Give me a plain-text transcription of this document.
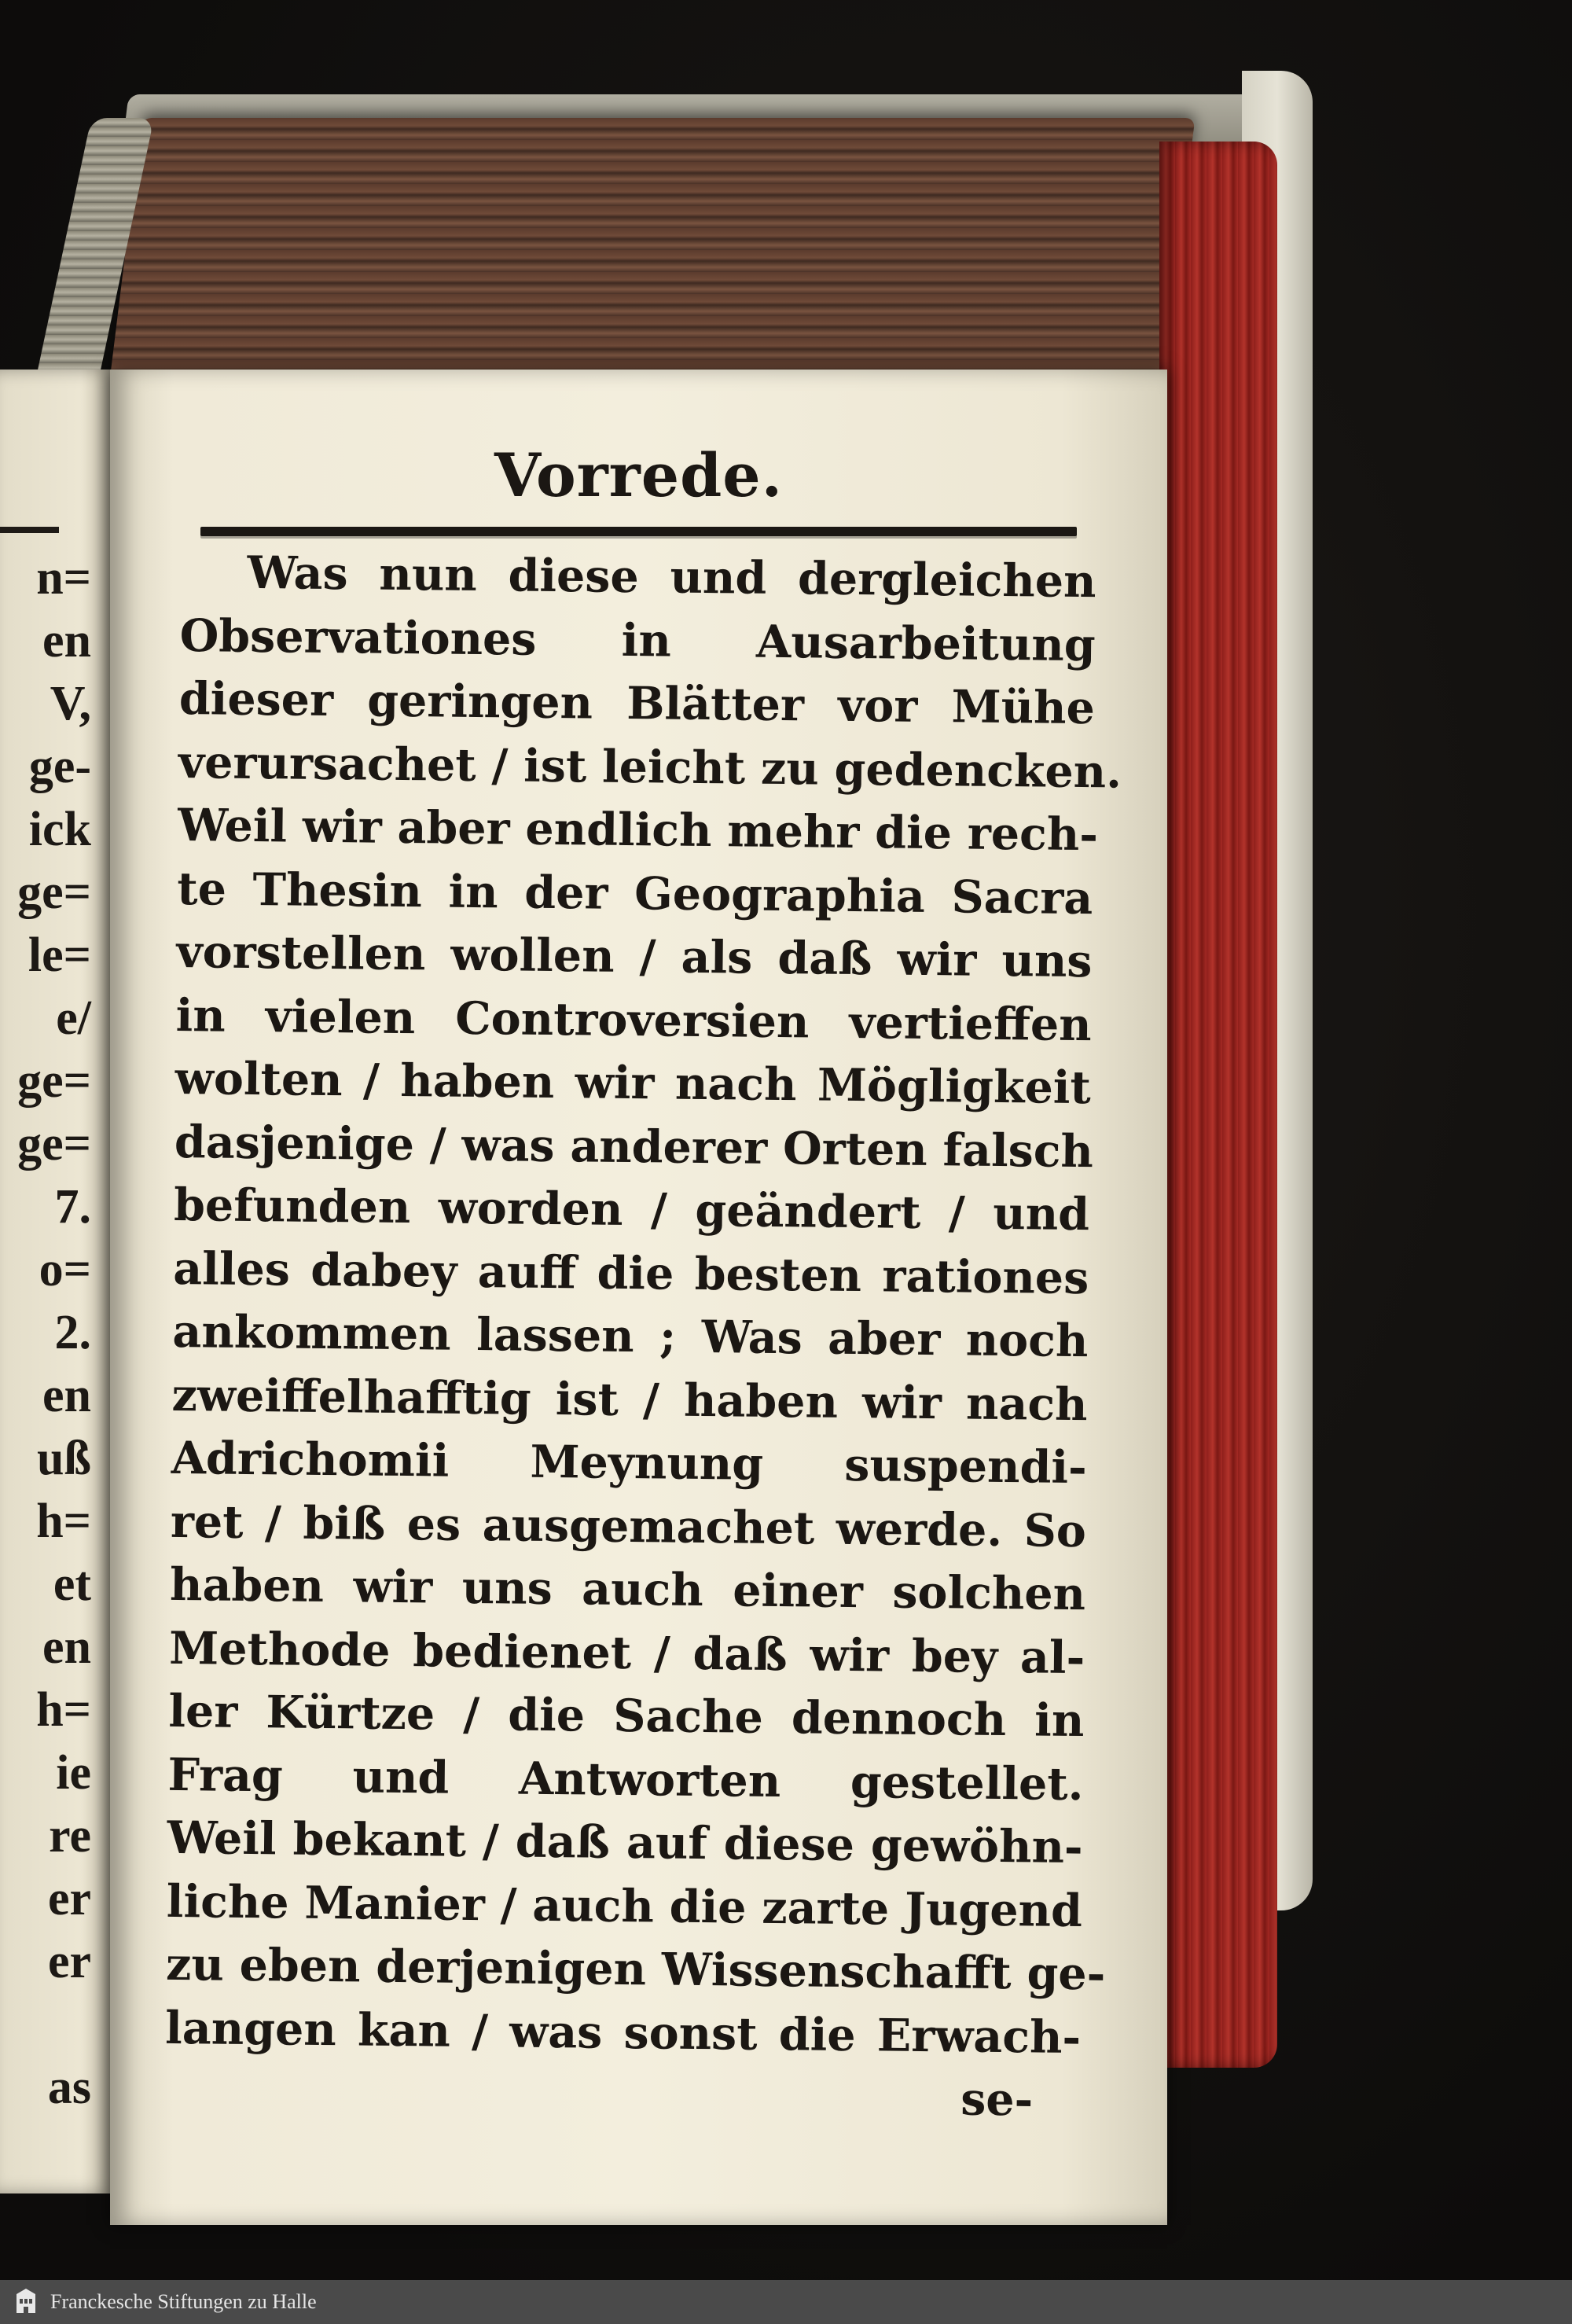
n=
en
V,
ge-
ick
ge=
le=
e/
ge=
ge=
7.
o=
2.
en
uß
h=
et
en
h=
ie
re
er
er
as
Vorrede.
Was nun diese und dergleichen
Observationes in Ausarbeitung
dieser geringen Blätter vor Mühe
verursachet / ist leicht zu gedencken.
Weil wir aber endlich mehr die rech-
te Thesin in der Geographia Sacra
vorstellen wollen / als daß wir uns
in vielen Controversien vertieffen
wolten / haben wir nach Mögligkeit
dasjenige / was anderer Orten falsch
befunden worden / geändert / und
alles dabey auff die besten rationes
ankommen lassen ; Was aber noch
zweiffelhafftig ist / haben wir nach
Adrichomii Meynung suspendi-
ret / biß es ausgemachet werde. So
haben wir uns auch einer solchen
Methode bedienet / daß wir bey al-
ler Kürtze / die Sache dennoch in
Frag und Antworten gestellet.
Weil bekant / daß auf diese gewöhn-
liche Manier / auch die zarte Jugend
zu eben derjenigen Wissenschafft ge-
langen kan / was sonst die Erwach-
se-
Franckesche Stiftungen zu Halle
